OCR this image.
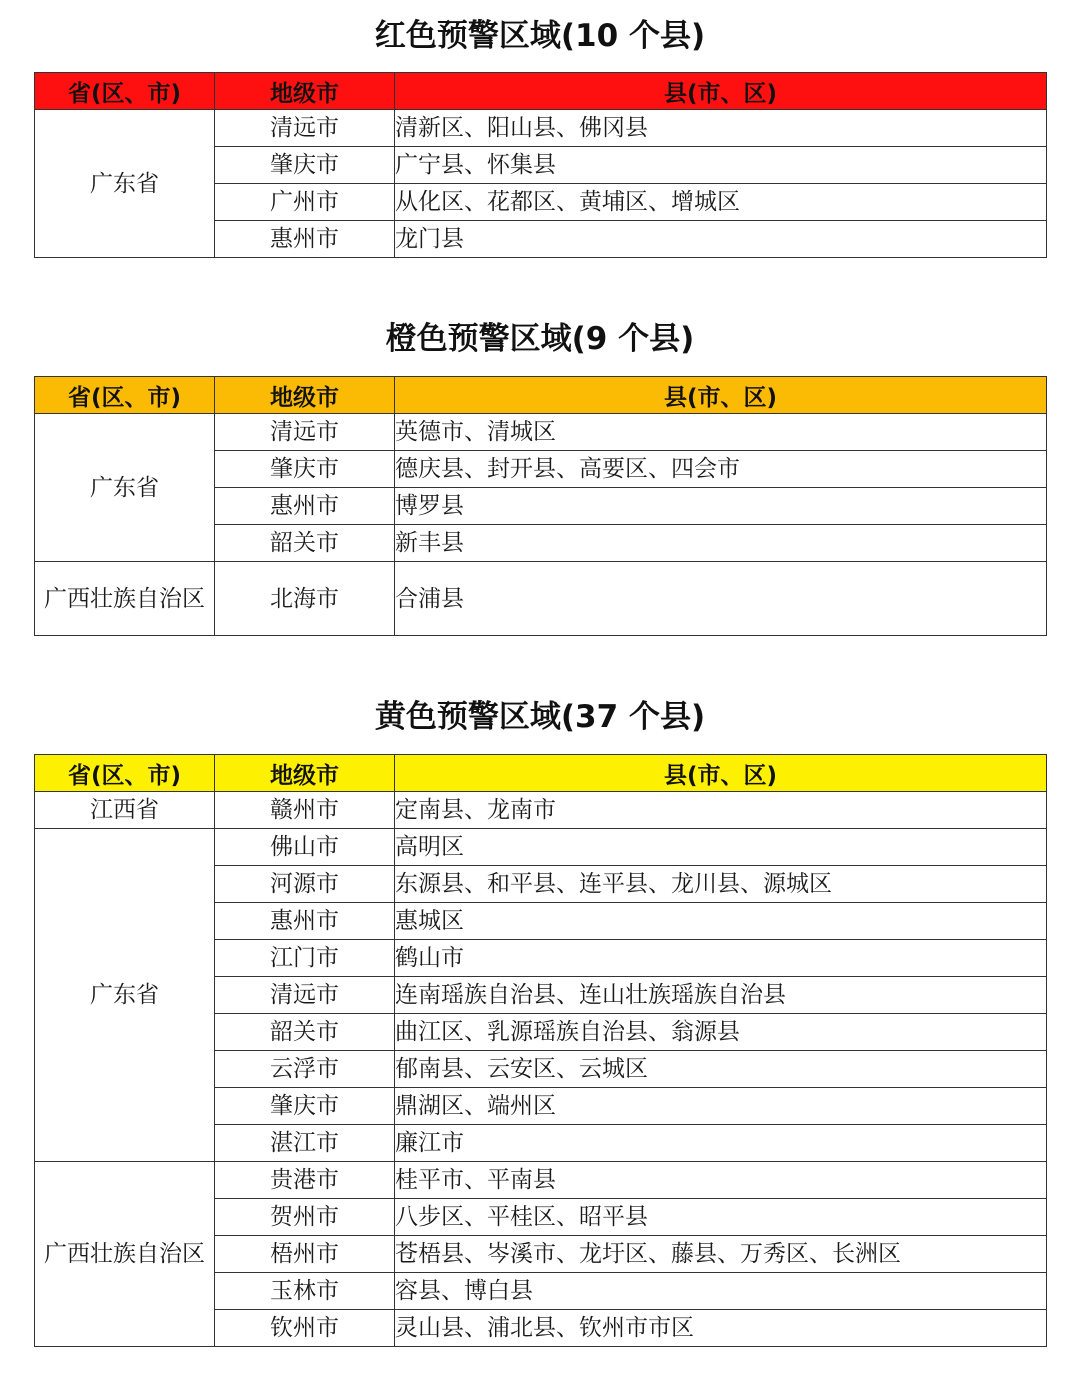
红色预警区域(10 个县)
省(区、市)	地级市	县(市、区)
广东省	清远市	清新区、阳山县、佛冈县
	肇庆市	广宁县、怀集县
	广州市	从化区、花都区、黄埔区、增城区
	惠州市	龙门县
橙色预警区域(9 个县)
省(区、市)	地级市	县(市、区)
广东省	清远市	英德市、清城区
	肇庆市	德庆县、封开县、高要区、四会市
	惠州市	博罗县
	韶关市	新丰县
广西壮族自治区	北海市	合浦县
黄色预警区域(37 个县)
省(区、市)	地级市	县(市、区)
江西省	赣州市	定南县、龙南市
广东省	佛山市	高明区
	河源市	东源县、和平县、连平县、龙川县、源城区
	惠州市	惠城区
	江门市	鹤山市
	清远市	连南瑶族自治县、连山壮族瑶族自治县
	韶关市	曲江区、乳源瑶族自治县、翁源县
	云浮市	郁南县、云安区、云城区
	肇庆市	鼎湖区、端州区
	湛江市	廉江市
广西壮族自治区	贵港市	桂平市、平南县
	贺州市	八步区、平桂区、昭平县
	梧州市	苍梧县、岑溪市、龙圩区、藤县、万秀区、长洲区
	玉林市	容县、博白县
	钦州市	灵山县、浦北县、钦州市市区
